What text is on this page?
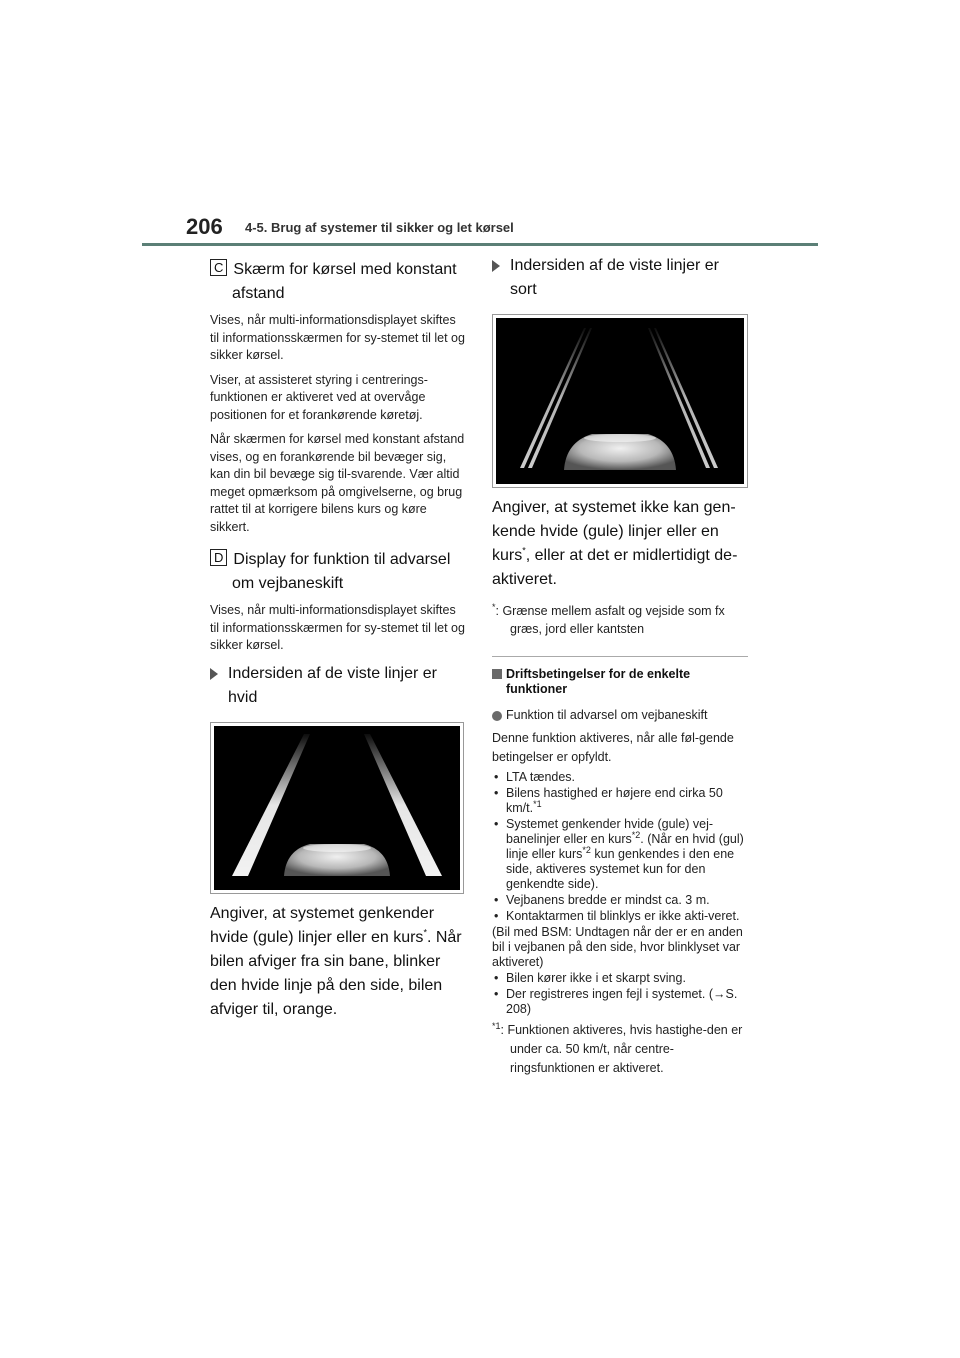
206 4-5. Brug af systemer til sikker og let kørsel
C Skærm for kørsel med konstant
afstand

Vises, når multi-informationsdisplayet skiftes til informationsskærmen for sy-stemet til let og sikker kørsel.

Viser, at assisteret styring i centrerings-funktionen er aktiveret ved at overvåge positionen for et forankørende køretøj.

Når skærmen for kørsel med konstant afstand vises, og en forankørende bil bevæger sig, kan din bil bevæge sig til-svarende. Vær altid meget opmærksom på omgivelserne, og brug rattet til at korrigere bilens kurs og køre sikkert.

D Display for funktion til advarsel
om vejbaneskift

Vises, når multi-informationsdisplayet skiftes til informationsskærmen for sy-stemet til let og sikker kørsel.

Indersiden af de viste linjer er hvid
Angiver, at systemet genkender hvide (gule) linjer eller en kurs*. Når bilen afviger fra sin bane, blinker den hvide linje på den side, bilen afviger til, orange.
Indersiden af de viste linjer er sort
Angiver, at systemet ikke kan gen-kende hvide (gule) linjer eller en kurs*, eller at det er midlertidigt de-aktiveret.
*: Grænse mellem asfalt og vejside som fx græs, jord eller kantsten
Driftsbetingelser for de enkelte funktioner
Funktion til advarsel om vejbaneskift

Denne funktion aktiveres, når alle føl-gende betingelser er opfyldt.

• LTA tændes.
• Bilens hastighed er højere end cirka 50 km/t.$^{*1}$
• Systemet genkender hvide (gule) vej-banelinjer eller en kurs$^{*2}$. (Når en hvid (gul) linje eller kurs$^{*2}$ kun genkendes i den ene side, aktiveres systemet kun for den genkendte side).
• Vejbanens bredde er mindst ca. 3 m.
• Kontaktarmen til blinklys er ikke akti-veret.

(Bil med BSM: Undtagen når der er en anden bil i vejbanen på den side, hvor blinklyset var aktiveret)

• Bilen kører ikke i et skarpt sving.
• Der registreres ingen fejl i systemet. (→S. 208)
$^{*1}$: Funktionen aktiveres, hvis hastighe-den er under ca. 50 km/t, når centre-ringsfunktionen er aktiveret.
